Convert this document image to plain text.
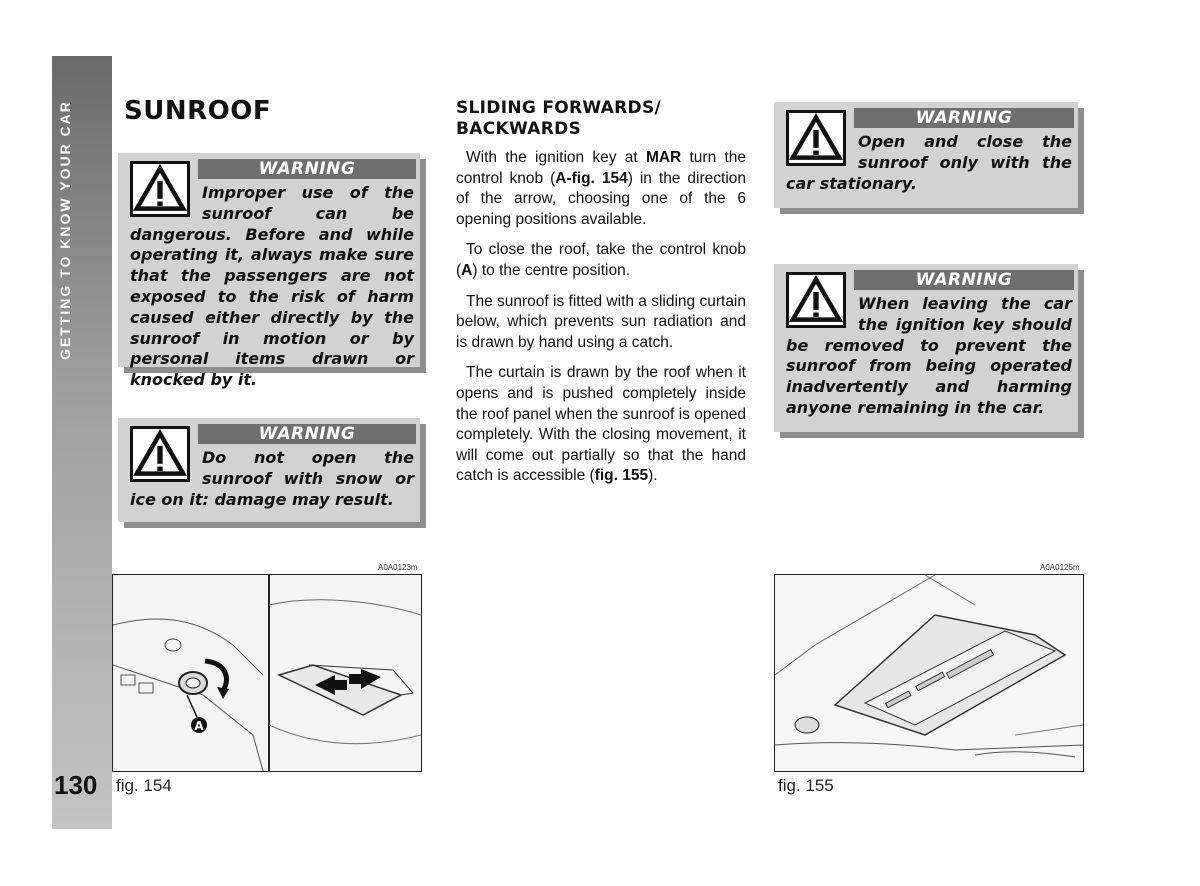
GETTING TO KNOW YOUR CAR
130
SUNROOF
WARNING
Improper use of the sunroof can be dangerous. Before and while operating it, always make sure that the passengers are not exposed to the risk of harm caused either directly by the sunroof in motion or by personal items drawn or knocked by it.
WARNING
Do not open the sunroof with snow or ice on it: damage may result.
SLIDING FORWARDS/
BACKWARDS

With the ignition key at MAR turn the control knob (A-fig. 154) in the direction of the arrow, choosing one of the 6 opening positions available.

To close the roof, take the control knob (A) to the centre position.

The sunroof is fitted with a sliding curtain below, which prevents sun radiation and is drawn by hand using a catch.

The curtain is drawn by the roof when it opens and is pushed completely inside the roof panel when the sunroof is opened completely. With the closing movement, it will come out partially so that the hand catch is accessible (fig. 155).

WARNING
Open and close the sunroof only with the car stationary.
WARNING
When leaving the car the ignition key should be removed to prevent the sunroof from being operated inadvertently and harming anyone remaining in the car.
A0A0123m
A
fig. 154
A0A0125m
fig. 155
